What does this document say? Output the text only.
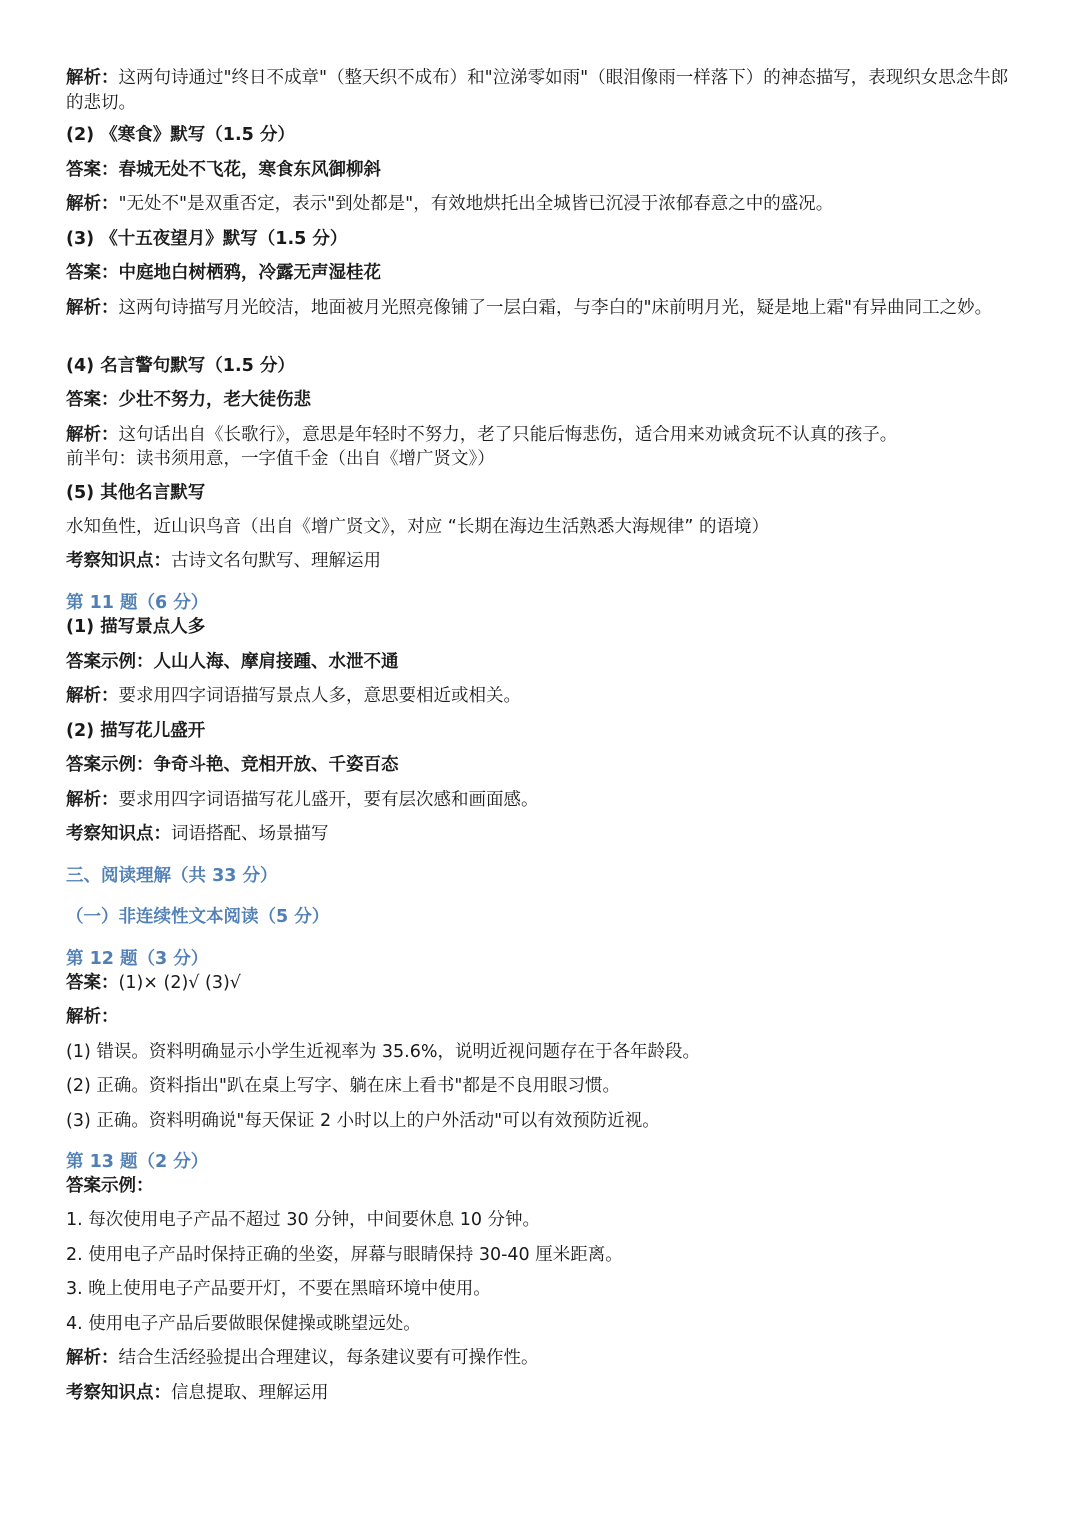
解析：这两句诗通过"终日不成章"（整天织不成布）和"泣涕零如雨"（眼泪像雨一样落下）的神态描写，表现织女思念牛郎的悲切。
(2) 《寒食》默写（1.5 分）
答案：春城无处不飞花，寒食东风御柳斜
解析："无处不"是双重否定，表示"到处都是"，有效地烘托出全城皆已沉浸于浓郁春意之中的盛况。
(3) 《十五夜望月》默写（1.5 分）
答案：中庭地白树栖鸦，冷露无声湿桂花
解析：这两句诗描写月光皎洁，地面被月光照亮像铺了一层白霜，与李白的"床前明月光，疑是地上霜"有异曲同工之妙。
(4) 名言警句默写（1.5 分）
答案：少壮不努力，老大徒伤悲
解析：这句话出自《长歌行》，意思是年轻时不努力，老了只能后悔悲伤，适合用来劝诫贪玩不认真的孩子。
前半句：读书须用意，一字值千金（出自《增广贤文》）
(5) 其他名言默写
水知鱼性，近山识鸟音（出自《增广贤文》，对应 “长期在海边生活熟悉大海规律” 的语境）
考察知识点：古诗文名句默写、理解运用
第 11 题（6 分）
(1) 描写景点人多
答案示例：人山人海、摩肩接踵、水泄不通
解析：要求用四字词语描写景点人多，意思要相近或相关。
(2) 描写花儿盛开
答案示例：争奇斗艳、竞相开放、千姿百态
解析：要求用四字词语描写花儿盛开，要有层次感和画面感。
考察知识点：词语搭配、场景描写
三、阅读理解（共 33 分）
（一）非连续性文本阅读（5 分）
第 12 题（3 分）
答案：(1)× (2)√ (3)√
解析：
(1) 错误。资料明确显示小学生近视率为 35.6%，说明近视问题存在于各年龄段。
(2) 正确。资料指出"趴在桌上写字、躺在床上看书"都是不良用眼习惯。
(3) 正确。资料明确说"每天保证 2 小时以上的户外活动"可以有效预防近视。
第 13 题（2 分）
答案示例：
1. 每次使用电子产品不超过 30 分钟，中间要休息 10 分钟。
2. 使用电子产品时保持正确的坐姿，屏幕与眼睛保持 30-40 厘米距离。
3. 晚上使用电子产品要开灯，不要在黑暗环境中使用。
4. 使用电子产品后要做眼保健操或眺望远处。
解析：结合生活经验提出合理建议，每条建议要有可操作性。
考察知识点：信息提取、理解运用
